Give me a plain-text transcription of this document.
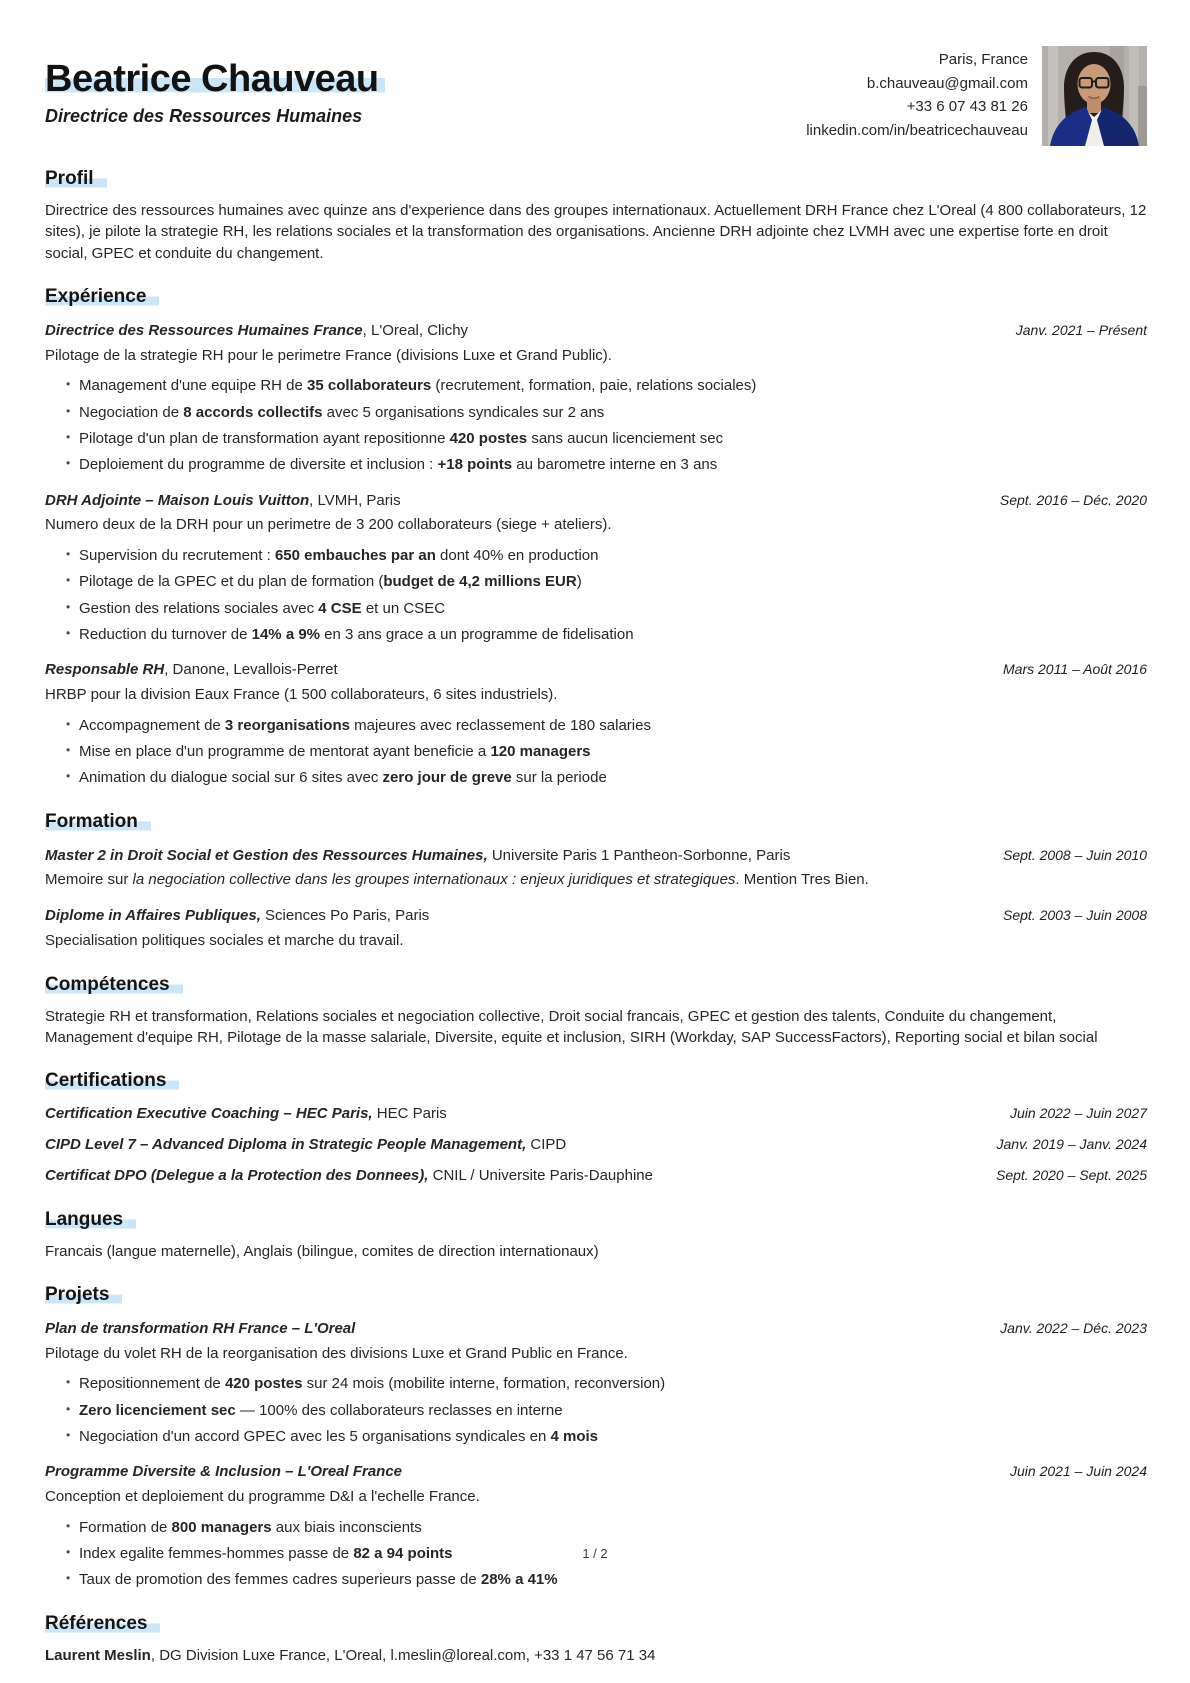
Beatrice Chauveau
Directrice des Ressources Humaines
Paris, France
b.chauveau@gmail.com
+33 6 07 43 81 26
linkedin.com/in/beatricechauveau
Profil

Directrice des ressources humaines avec quinze ans d'experience dans des groupes internationaux. Actuellement DRH France chez L'Oreal (4 800 collaborateurs, 12 sites), je pilote la strategie RH, les relations sociales et la transformation des organisations. Ancienne DRH adjointe chez LVMH avec une expertise forte en droit social, GPEC et conduite du changement.

Expérience
Directrice des Ressources Humaines France, L'Oreal, Clichy	Janv. 2021 – Présent
Pilotage de la strategie RH pour le perimetre France (divisions Luxe et Grand Public).
• Management d'une equipe RH de 35 collaborateurs (recrutement, formation, paie, relations sociales)
• Negociation de 8 accords collectifs avec 5 organisations syndicales sur 2 ans
• Pilotage d'un plan de transformation ayant repositionne 420 postes sans aucun licenciement sec
• Deploiement du programme de diversite et inclusion : +18 points au barometre interne en 3 ans
DRH Adjointe – Maison Louis Vuitton, LVMH, Paris	Sept. 2016 – Déc. 2020
Numero deux de la DRH pour un perimetre de 3 200 collaborateurs (siege + ateliers).
• Supervision du recrutement : 650 embauches par an dont 40% en production
• Pilotage de la GPEC et du plan de formation (budget de 4,2 millions EUR)
• Gestion des relations sociales avec 4 CSE et un CSEC
• Reduction du turnover de 14% a 9% en 3 ans grace a un programme de fidelisation
Responsable RH, Danone, Levallois-Perret	Mars 2011 – Août 2016
HRBP pour la division Eaux France (1 500 collaborateurs, 6 sites industriels).
• Accompagnement de 3 reorganisations majeures avec reclassement de 180 salaries
• Mise en place d'un programme de mentorat ayant beneficie a 120 managers
• Animation du dialogue social sur 6 sites avec zero jour de greve sur la periode
Formation
Master 2 in Droit Social et Gestion des Ressources Humaines, Universite Paris 1 Pantheon-Sorbonne, Paris	Sept. 2008 – Juin 2010
Memoire sur la negociation collective dans les groupes internationaux : enjeux juridiques et strategiques. Mention Tres Bien.
Diplome in Affaires Publiques, Sciences Po Paris, Paris	Sept. 2003 – Juin 2008
Specialisation politiques sociales et marche du travail.
Compétences

Strategie RH et transformation, Relations sociales et negociation collective, Droit social francais, GPEC et gestion des talents, Conduite du changement, Management d'equipe RH, Pilotage de la masse salariale, Diversite, equite et inclusion, SIRH (Workday, SAP SuccessFactors), Reporting social et bilan social

Certifications
Certification Executive Coaching – HEC Paris, HEC Paris	Juin 2022 – Juin 2027
CIPD Level 7 – Advanced Diploma in Strategic People Management, CIPD	Janv. 2019 – Janv. 2024
Certificat DPO (Delegue a la Protection des Donnees), CNIL / Universite Paris-Dauphine	Sept. 2020 – Sept. 2025
Langues

Francais (langue maternelle), Anglais (bilingue, comites de direction internationaux)

Projets
Plan de transformation RH France – L'Oreal	Janv. 2022 – Déc. 2023
Pilotage du volet RH de la reorganisation des divisions Luxe et Grand Public en France.
• Repositionnement de 420 postes sur 24 mois (mobilite interne, formation, reconversion)
• Zero licenciement sec — 100% des collaborateurs reclasses en interne
• Negociation d'un accord GPEC avec les 5 organisations syndicales en 4 mois
Programme Diversite & Inclusion – L'Oreal France	Juin 2021 – Juin 2024
Conception et deploiement du programme D&I a l'echelle France.
• Formation de 800 managers aux biais inconscients
• Index egalite femmes-hommes passe de 82 a 94 points
• Taux de promotion des femmes cadres superieurs passe de 28% a 41%
Références

Laurent Meslin, DG Division Luxe France, L'Oreal, l.meslin@loreal.com, +33 1 47 56 71 34

1 / 2
